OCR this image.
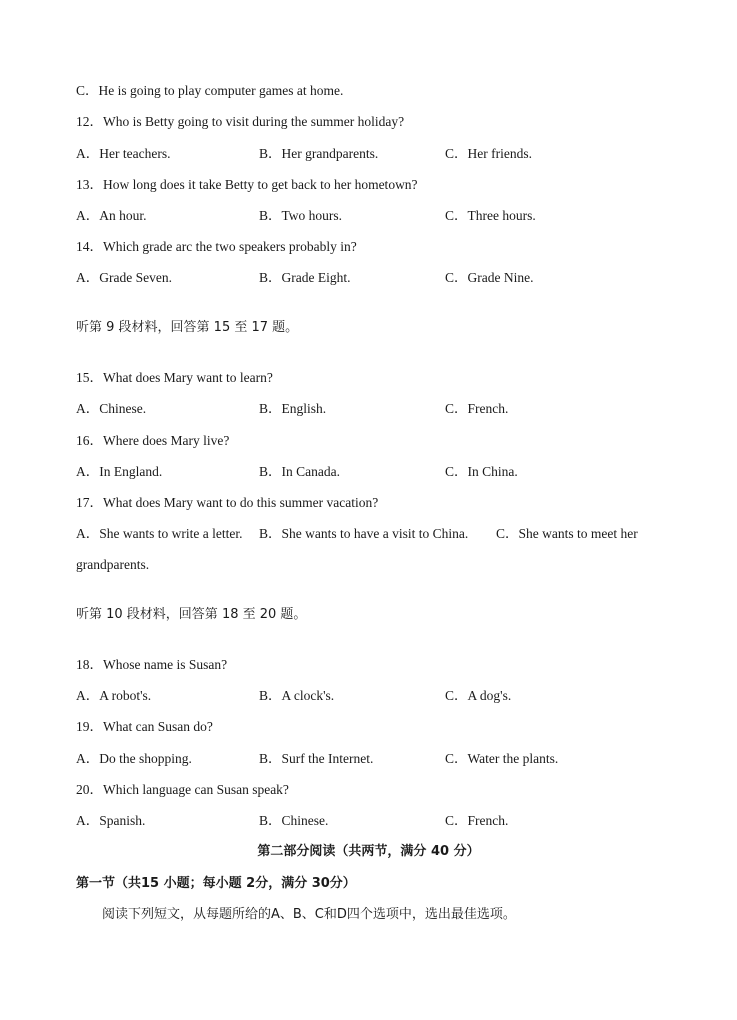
C．He is going to play computer games at home.
12．Who is Betty going to visit during the summer holiday?
A．Her teachers.	B．Her grandparents.	C．Her friends.
13．How long does it take Betty to get back to her hometown?
A．An hour.	B．Two hours.	C．Three hours.
14．Which grade arc the two speakers probably in?
A．Grade Seven.	B．Grade Eight.	C．Grade Nine.
听第 9 段材料，回答第 15 至 17 题。
15．What does Mary want to learn?
A．Chinese.	B．English.	C．French.
16．Where does Mary live?
A．In England.	B．In Canada.	C．In China.
17．What does Mary want to do this summer vacation?
A．She wants to write a letter. B．She wants to have a visit to China. C．She wants to meet her
grandparents.
听第 10 段材料，回答第 18 至 20 题。
18．Whose name is Susan?
A．A robot's.	B．A clock's.	C．A dog's.
19．What can Susan do?
A．Do the shopping.	B．Surf the Internet.	C．Water the plants.
20．Which language can Susan speak?
A．Spanish.	B．Chinese.	C．French.
第二部分阅读（共两节，满分 40 分）
第一节（共15 小题；每小题 2分，满分 30分）
阅读下列短文，从每题所给的A、B、C和D四个选项中，选出最佳选项。
